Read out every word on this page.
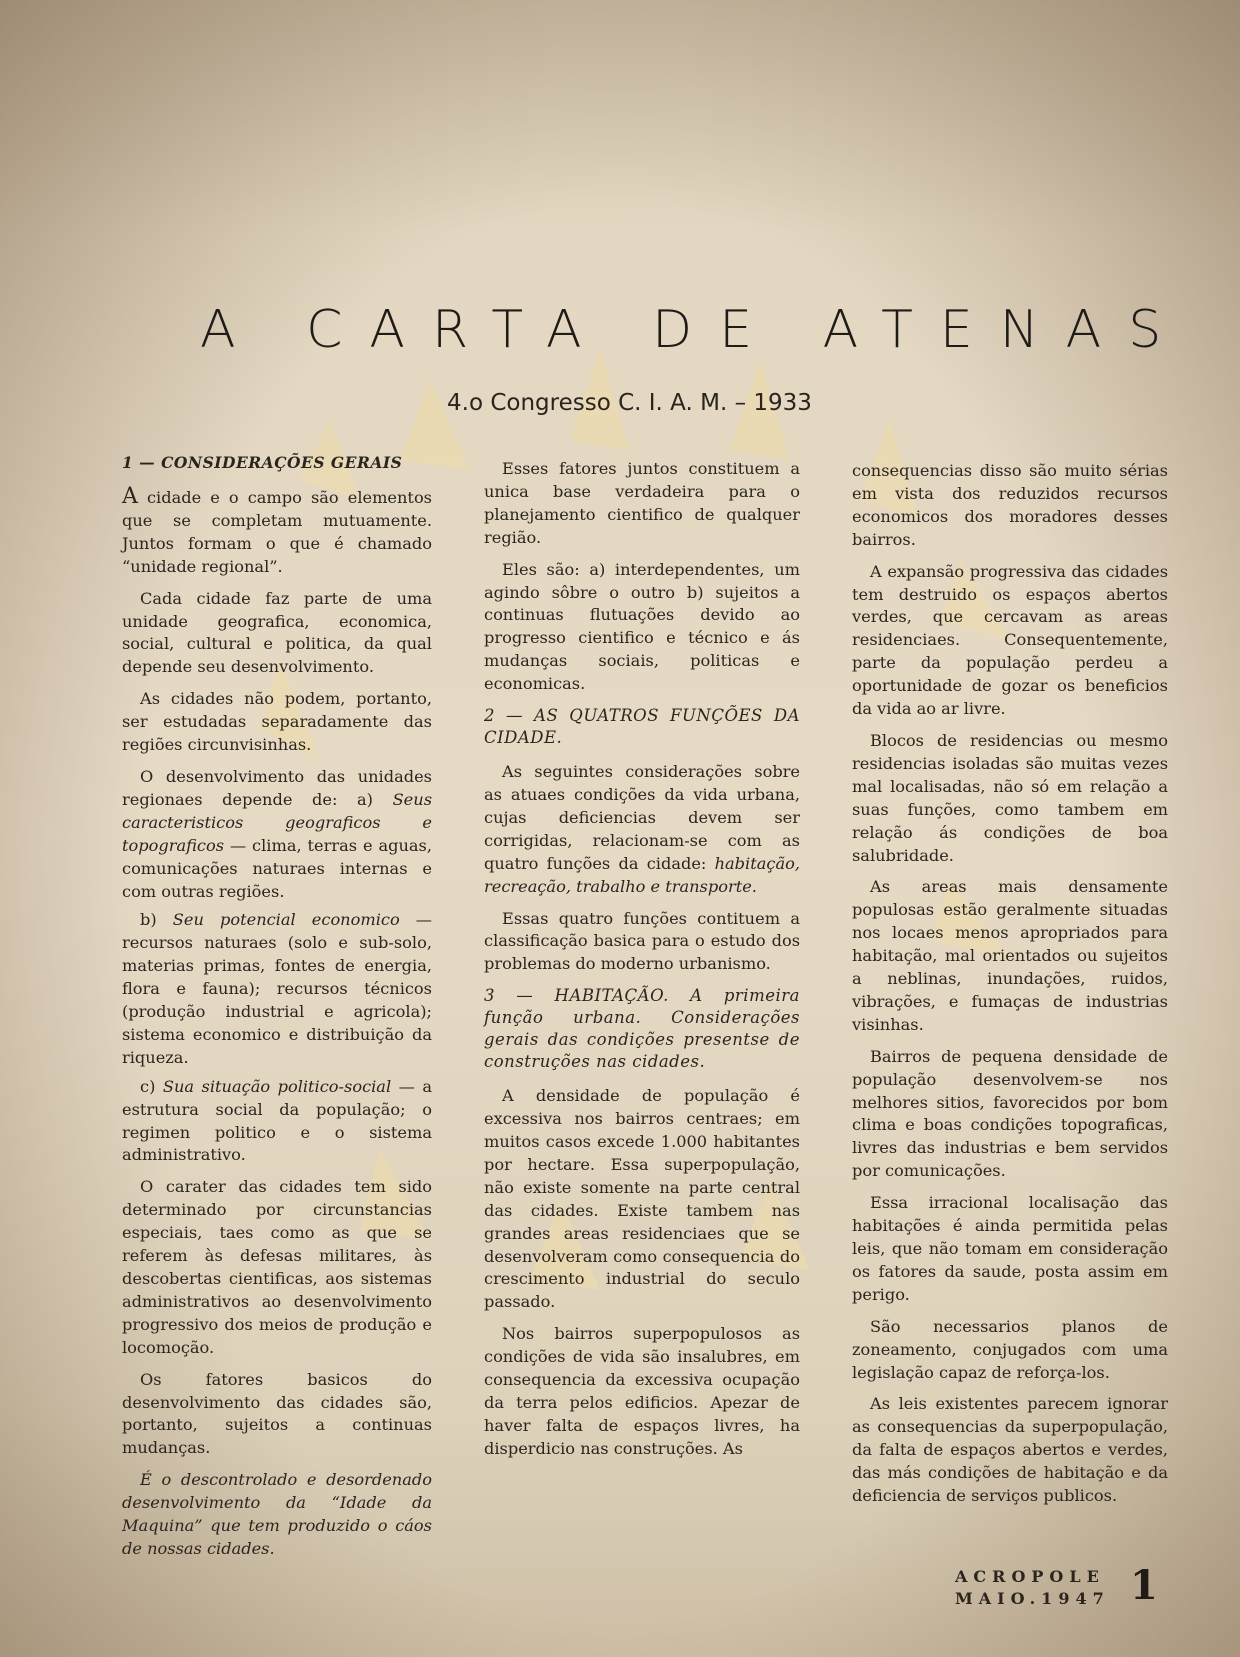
A CARTA DE ATENAS
4.o Congresso C. I. A. M. – 1933
1 — CONSIDERAÇÕES GERAIS

A cidade e o campo são elementos que se completam mutuamente. Juntos formam o que é chamado “unidade regional”.

Cada cidade faz parte de uma unidade geografica, economica, social, cultural e politica, da qual depende seu desenvolvimento.

As cidades não podem, portanto, ser estudadas separadamente das regiões circunvisinhas.

O desenvolvimento das unidades regionaes depende de: a) Seus caracteristicos geograficos e topograficos — clima, terras e aguas, comunicações naturaes internas e com outras regiões.

b) Seu potencial economico — recursos naturaes (solo e sub-solo, materias primas, fontes de energia, flora e fauna); recursos técnicos (produção industrial e agricola); sistema economico e distribuição da riqueza.

c) Sua situação politico-social — a estrutura social da população; o regimen politico e o sistema administrativo.

O carater das cidades tem sido determinado por circunstancias especiais, taes como as que se referem às defesas militares, às descobertas cientificas, aos sistemas administrativos ao desenvolvimento progressivo dos meios de produção e locomoção.

Os fatores basicos do desenvolvimento das cidades são, portanto, sujeitos a continuas mudanças.

É o descontrolado e desordenado desenvolvimento da “Idade da Maquina” que tem produzido o cáos de nossas cidades.

Esses fatores juntos constituem a unica base verdadeira para o planejamento cientifico de qualquer região.

Eles são: a) interdependentes, um agindo sôbre o outro b) sujeitos a continuas flutuações devido ao progresso cientifico e técnico e ás mudanças sociais, politicas e economicas.

2 — AS QUATROS FUNÇÕES DA CIDADE.

As seguintes considerações sobre as atuaes condições da vida urbana, cujas deficiencias devem ser corrigidas, relacionam-se com as quatro funções da cidade: habitação, recreação, trabalho e transporte.

Essas quatro funções contituem a classificação basica para o estudo dos problemas do moderno urbanismo.

3 — HABITAÇÃO. A primeira função urbana. Considerações gerais das condições presentse de construções nas cidades.

A densidade de população é excessiva nos bairros centraes; em muitos casos excede 1.000 habitantes por hectare. Essa superpopulação, não existe somente na parte central das cidades. Existe tambem nas grandes areas residenciaes que se desenvolveram como consequencia do crescimento industrial do seculo passado.

Nos bairros superpopulosos as condições de vida são insalubres, em consequencia da excessiva ocupação da terra pelos edificios. Apezar de haver falta de espaços livres, ha disperdicio nas construções. As

consequencias disso são muito sérias em vista dos reduzidos recursos economicos dos moradores desses bairros.

A expansão progressiva das cidades tem destruido os espaços abertos verdes, que cercavam as areas residenciaes. Consequentemente, parte da população perdeu a oportunidade de gozar os beneficios da vida ao ar livre.

Blocos de residencias ou mesmo residencias isoladas são muitas vezes mal localisadas, não só em relação a suas funções, como tambem em relação ás condições de boa salubridade.

As areas mais densamente populosas estão geralmente situadas nos locaes menos apropriados para habitação, mal orientados ou sujeitos a neblinas, inundações, ruidos, vibrações, e fumaças de industrias visinhas.

Bairros de pequena densidade de população desenvolvem-se nos melhores sitios, favorecidos por bom clima e boas condições topograficas, livres das industrias e bem servidos por comunicações.

Essa irracional localisação das habitações é ainda permitida pelas leis, que não tomam em consideração os fatores da saude, posta assim em perigo.

São necessarios planos de zoneamento, conjugados com uma legislação capaz de reforça-los.

As leis existentes parecem ignorar as consequencias da superpopulação, da falta de espaços abertos e verdes, das más condições de habitação e da deficiencia de serviços publicos.

ACROPOLE
MAIO.1947 1
